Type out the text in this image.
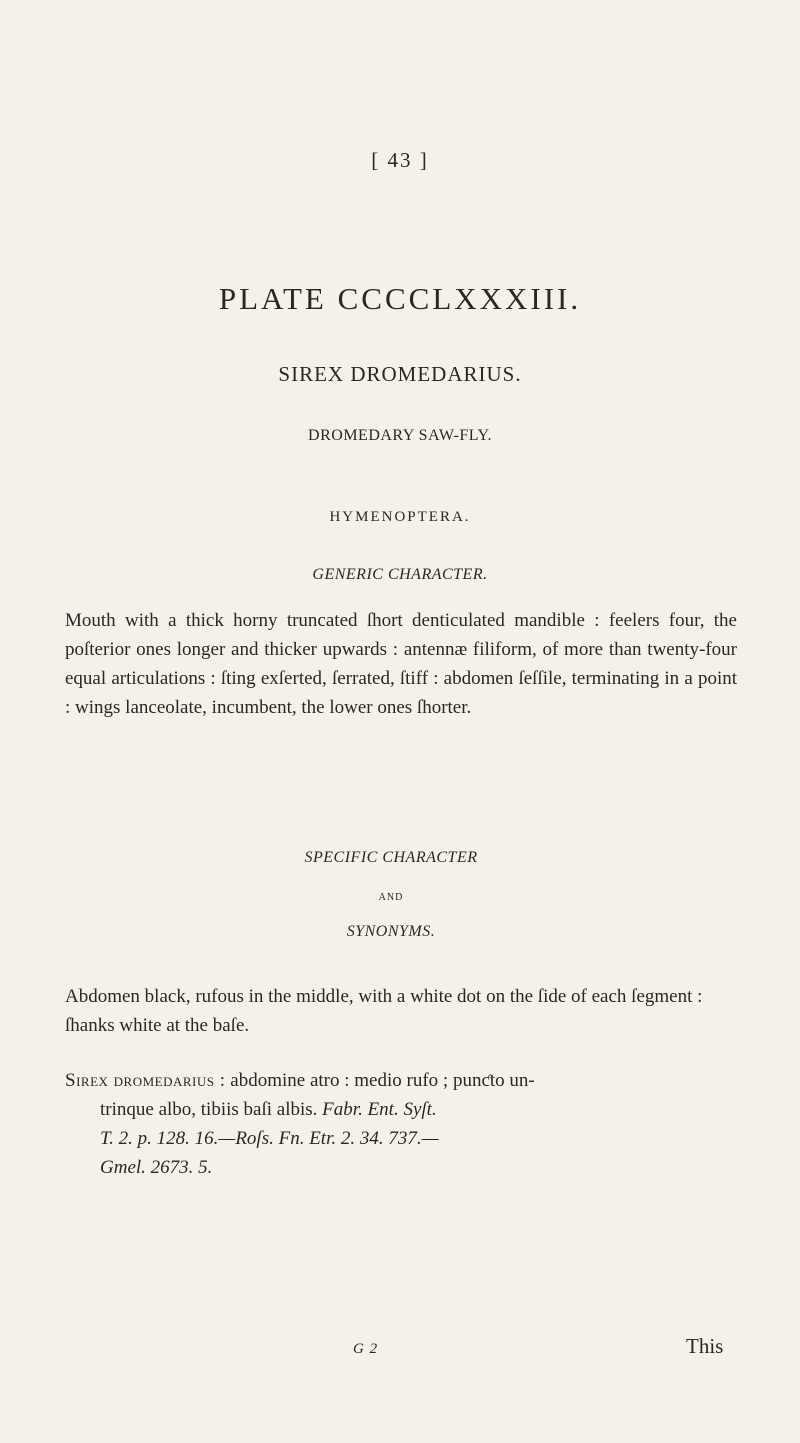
[ 43 ]
PLATE CCCCLXXXIII.
SIREX DROMEDARIUS.
DROMEDARY SAW-FLY.
HYMENOPTERA.
GENERIC CHARACTER.
Mouth with a thick horny truncated ſhort denticulated mandible : feelers four, the poſterior ones longer and thicker upwards : antennæ filiform, of more than twenty-four equal articulations : ſting exſerted, ſerrated, ſtiff : abdomen ſeſſile, terminating in a point : wings lanceolate, incumbent, the lower ones ſhorter.
SPECIFIC CHARACTER
AND
SYNONYMS.
Abdomen black, rufous in the middle, with a white dot on the ſide of each ſegment : ſhanks white at the baſe.
Sirex dromedarius : abdomine atro : medio rufo ; punƈto un-
trinque albo, tibiis baſi albis. Fabr. Ent. Syſt.
T. 2. p. 128. 16.—Roſs. Fn. Etr. 2. 34. 737.—
Gmel. 2673. 5.
G 2	This
